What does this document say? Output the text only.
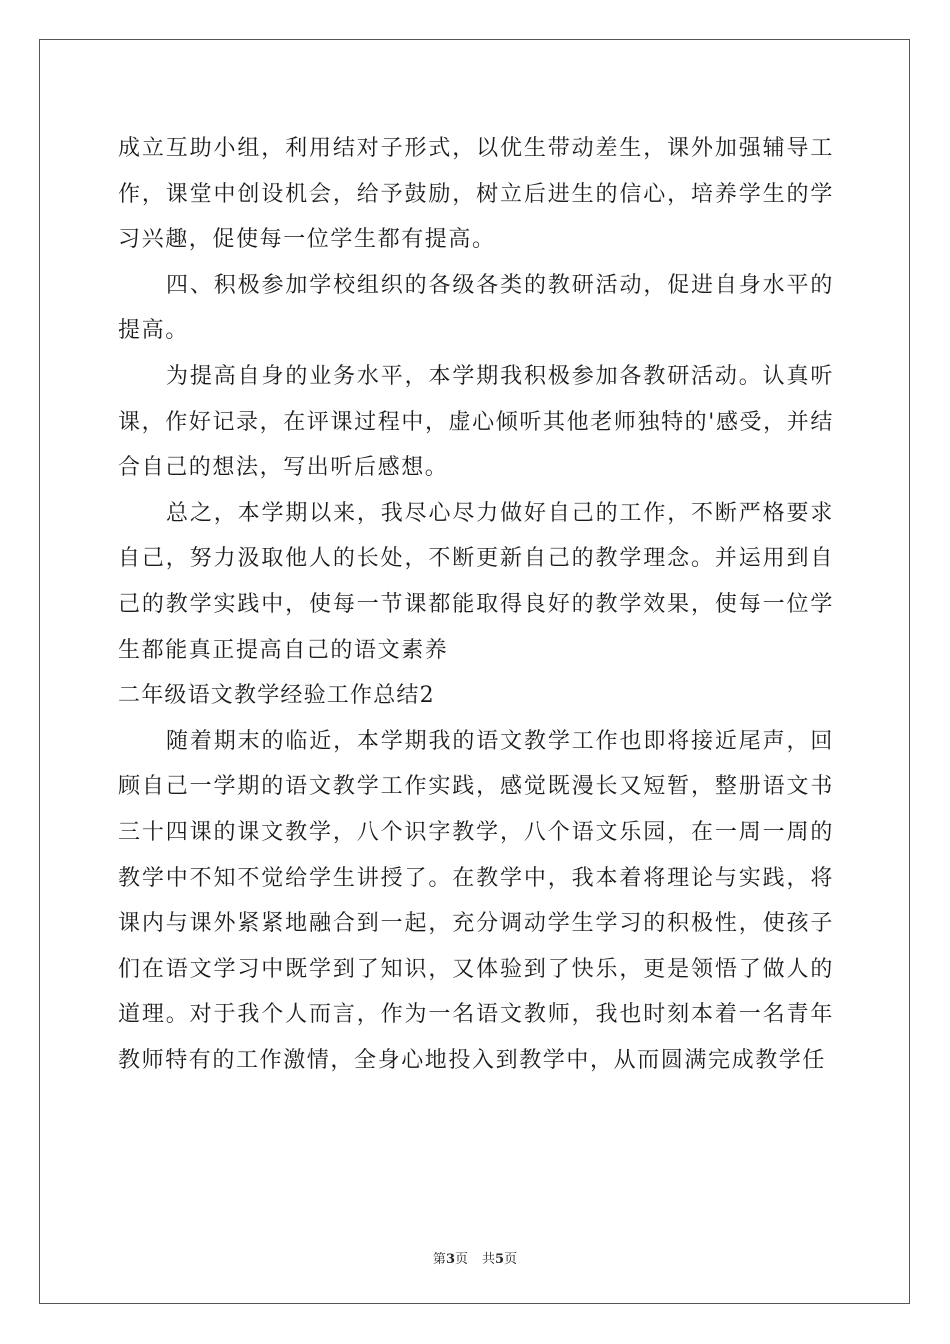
成立互助小组，利用结对子形式，以优生带动差生，课外加强辅导工作，课堂中创设机会，给予鼓励，树立后进生的信心，培养学生的学习兴趣，促使每一位学生都有提高。

四、积极参加学校组织的各级各类的教研活动，促进自身水平的提高。

为提高自身的业务水平，本学期我积极参加各教研活动。认真听课，作好记录，在评课过程中，虚心倾听其他老师独特的'感受，并结合自己的想法，写出听后感想。

总之，本学期以来，我尽心尽力做好自己的工作，不断严格要求自己，努力汲取他人的长处，不断更新自己的教学理念。并运用到自己的教学实践中，使每一节课都能取得良好的教学效果，使每一位学生都能真正提高自己的语文素养

二年级语文教学经验工作总结2

随着期末的临近，本学期我的语文教学工作也即将接近尾声，回顾自己一学期的语文教学工作实践，感觉既漫长又短暂，整册语文书三十四课的课文教学，八个识字教学，八个语文乐园，在一周一周的教学中不知不觉给学生讲授了。在教学中，我本着将理论与实践，将课内与课外紧紧地融合到一起，充分调动学生学习的积极性，使孩子们在语文学习中既学到了知识，又体验到了快乐，更是领悟了做人的道理。对于我个人而言，作为一名语文教师，我也时刻本着一名青年教师特有的工作激情，全身心地投入到教学中，从而圆满完成教学任

第3页 共5页
